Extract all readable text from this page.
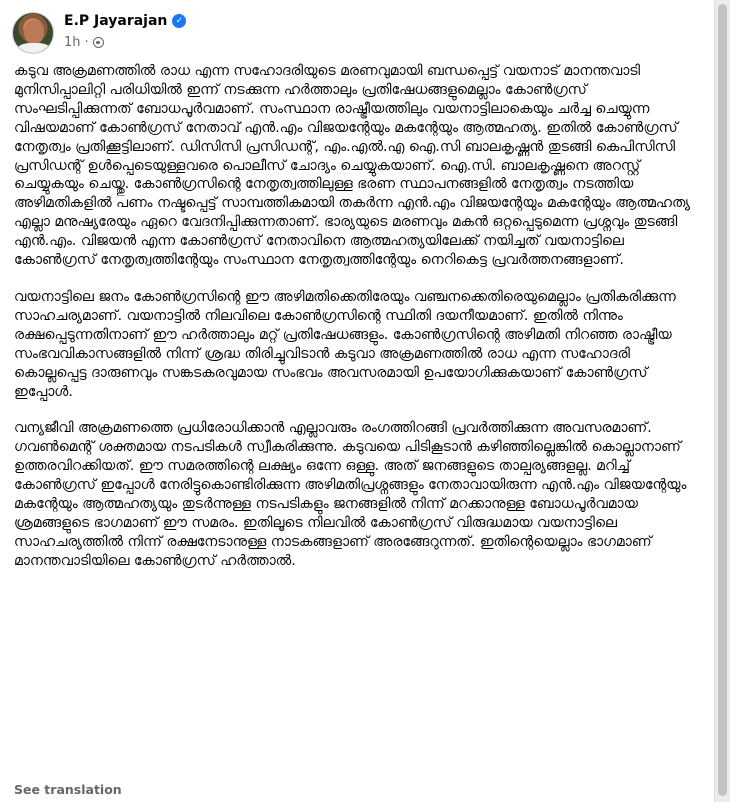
E.P Jayarajan ✓
1h ·

കടുവ അക്രമണത്തിൽ രാധ എന്ന സഹോദരിയുടെ മരണവുമായി ബന്ധപ്പെട്ട് വയനാട് മാനന്തവാടി മുനിസിപ്പാലിറ്റി പരിധിയിൽ ഇന്ന് നടക്കുന്ന ഹർത്താലും പ്രതിഷേധങ്ങളുമെല്ലാം കോൺഗ്രസ് സംഘടിപ്പിക്കുന്നത് ബോധപൂർവമാണ്. സംസ്ഥാന രാഷ്ട്രീയത്തിലും വയനാട്ടിലാകെയും ചർച്ച ചെയ്യുന്ന വിഷയമാണ് കോൺഗ്രസ് നേതാവ് എൻ.എം വിജയന്റേയും മകന്റേയും ആത്മഹത്യ. ഇതിൽ കോൺഗ്രസ് നേതൃത്വം പ്രതിക്കൂട്ടിലാണ്. ഡിസിസി പ്രസിഡന്റ്, എം.എൽ.എ ഐ.സി ബാലകൃഷ്ണൻ തുടങ്ങി കെപിസിസി പ്രസിഡന്റ് ഉൾപ്പെടെയുള്ളവരെ പൊലീസ് ചോദ്യം ചെയ്യുകയാണ്. ഐ.സി. ബാലകൃഷ്ണനെ അറസ്റ്റ് ചെയ്യുകയും ചെയ്തു. കോൺഗ്രസിന്റെ നേതൃത്വത്തിലുള്ള ഭരണ സ്ഥാപനങ്ങളിൽ നേതൃത്വം നടത്തിയ അഴിമതികളിൽ പണം നഷ്ടപ്പെട്ട് സാമ്പത്തികമായി തകർന്ന എൻ.എം വിജയന്റേയും മകന്റേയും ആത്മഹത്യ എല്ലാ മനുഷ്യരേയും ഏറെ വേദനിപ്പിക്കുന്നതാണ്. ഭാര്യയുടെ മരണവും മകൻ ഒറ്റപ്പെടുമെന്ന പ്രശ്നവും തുടങ്ങി എൻ.എം. വിജയൻ എന്ന കോൺഗ്രസ് നേതാവിനെ ആത്മഹത്യയിലേക്ക് നയിച്ചത് വയനാട്ടിലെ കോൺഗ്രസ് നേതൃത്വത്തിന്റേയും സംസ്ഥാന നേതൃത്വത്തിന്റേയും നെറികെട്ട പ്രവർത്തനങ്ങളാണ്.

വയനാട്ടിലെ ജനം കോൺഗ്രസിന്റെ ഈ അഴിമതിക്കെതിരേയും വഞ്ചനക്കെതിരെയുമെല്ലാം പ്രതികരിക്കുന്ന സാഹചര്യമാണ്. വയനാട്ടിൽ നിലവിലെ കോൺഗ്രസിന്റെ സ്ഥിതി ദയനീയമാണ്. ഇതിൽ നിന്നും രക്ഷപ്പെടുന്നതിനാണ് ഈ ഹർത്താലും മറ്റ് പ്രതിഷേധങ്ങളും. കോൺഗ്രസിന്റെ അഴിമതി നിറഞ്ഞ രാഷ്ട്രീയ സംഭവവികാസങ്ങളിൽ നിന്ന് ശ്രദ്ധ തിരിച്ചുവിടാൻ കടുവാ അക്രമണത്തിൽ രാധ എന്ന സഹോദരി കൊല്ലപ്പെട്ട ദാരുണവും സങ്കടകരവുമായ സംഭവം അവസരമായി ഉപയോഗിക്കുകയാണ് കോൺഗ്രസ് ഇപ്പോൾ.

വന്യജീവി അക്രമണത്തെ പ്രധിരോധിക്കാൻ എല്ലാവരും രംഗത്തിറങ്ങി പ്രവർത്തിക്കുന്ന അവസരമാണ്. ഗവൺമെന്റ് ശക്തമായ നടപടികൾ സ്വീകരിക്കുന്നു. കടുവയെ പിടികൂടാൻ കഴിഞ്ഞില്ലെങ്കിൽ കൊല്ലാനാണ് ഉത്തരവിറക്കിയത്. ഈ സമരത്തിന്റെ ലക്ഷ്യം ഒന്നേ ഒള്ളു. അത് ജനങ്ങളുടെ താല്പര്യങ്ങളല്ല. മറിച്ച് കോൺഗ്രസ് ഇപ്പോൾ നേരിട്ടുകൊണ്ടിരിക്കുന്ന അഴിമതിപ്രശ്നങ്ങളും നേതാവായിരുന്ന എൻ.എം വിജയന്റേയും മകന്റേയും ആത്മഹത്യയും തുടർന്നുള്ള നടപടികളും ജനങ്ങളിൽ നിന്ന് മറക്കാനുള്ള ബോധപൂർവമായ ശ്രമങ്ങളുടെ ഭാഗമാണ് ഈ സമരം. ഇതിലൂടെ നിലവിൽ കോൺഗ്രസ് വിരുദ്ധമായ വയനാട്ടിലെ സാഹചര്യത്തിൽ നിന്ന് രക്ഷനേടാനുള്ള നാടകങ്ങളാണ് അരങ്ങേറുന്നത്. ഇതിന്റെയെല്ലാം ഭാഗമാണ് മാനന്തവാടിയിലെ കോൺഗ്രസ് ഹർത്താൽ.

See translation
